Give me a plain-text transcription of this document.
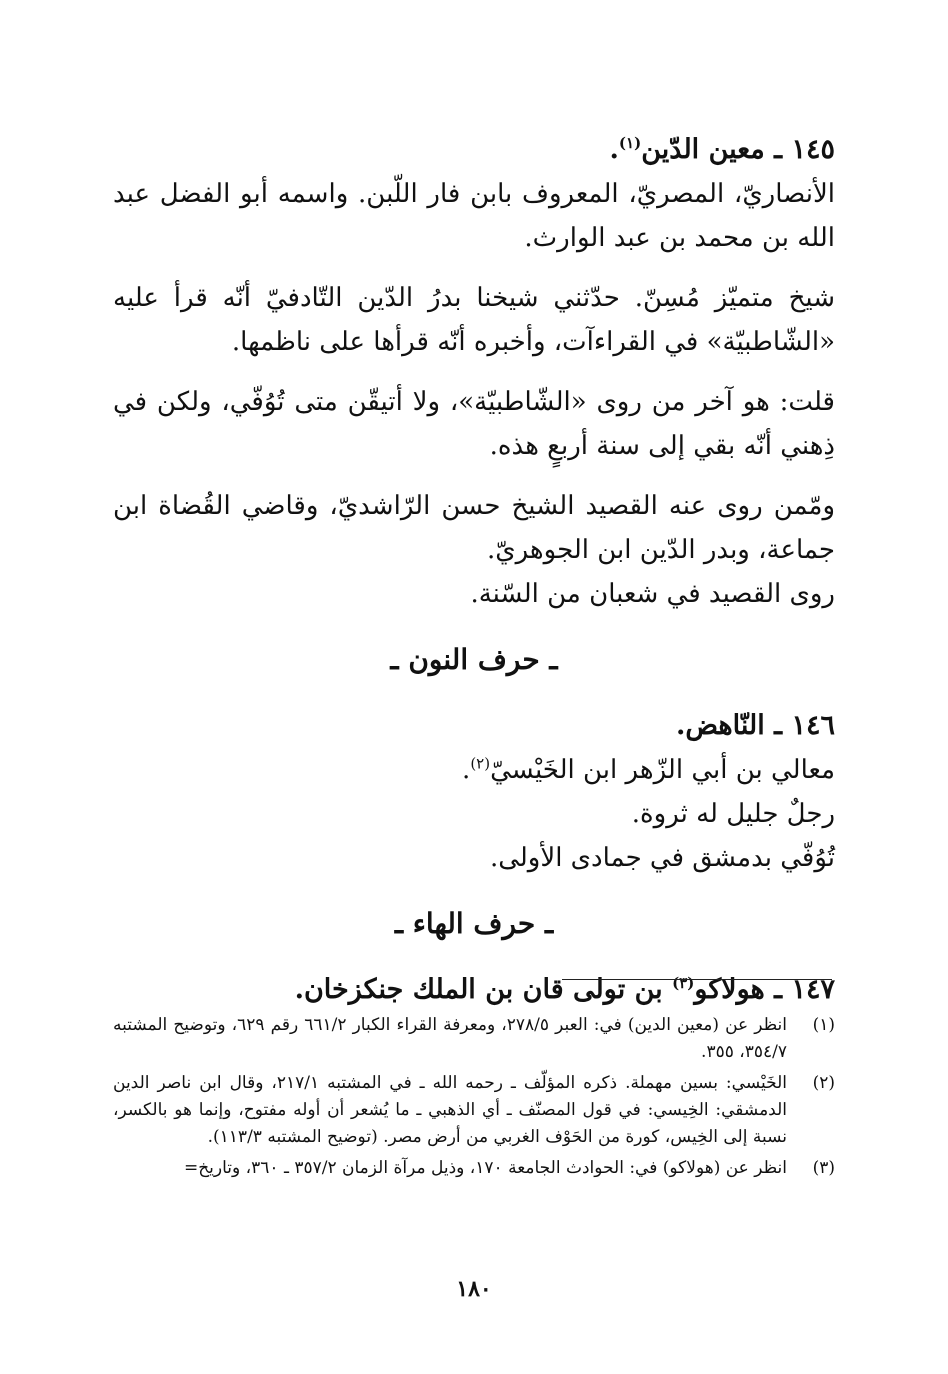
١٤٥ ـ معين الدّين$^{(١)}$.

الأنصاريّ، المصريّ، المعروف بابن فار اللّبن. واسمه أبو الفضل عبد الله بن محمد بن عبد الوارث.

شيخ متميّز مُسِنّ. حدّثني شيخنا بدرُ الدّين التّادفيّ أنّه قرأ عليه «الشّاطبيّة» في القراءآت، وأخبره أنّه قرأها على ناظمها.

قلت: هو آخر من روى «الشّاطبيّة»، ولا أتيقّن متى تُوُفّي، ولكن في ذِهني أنّه بقي إلى سنة أربعٍ هذه.

ومّمن روى عنه القصيد الشيخ حسن الرّاشديّ، وقاضي القُضاة ابن جماعة، وبدر الدّين ابن الجوهريّ.

روى القصيد في شعبان من السّنة.

ـ حرف النون ـ

١٤٦ ـ النّاهض.

معالي بن أبي الزّهر ابن الخَيْسيّ$^{(٢)}$.

رجلٌ جليل له ثروة.

تُوُفّي بدمشق في جمادى الأولى.

ـ حرف الهاء ـ

١٤٧ ـ هولاكو$^{(٣)}$ بن تولى قان بن الملك جنكزخان.

(١)
انظر عن (معين الدين) في: العبر ٢٧٨/٥، ومعرفة القراء الكبار ٦٦١/٢ رقم ٦٢٩، وتوضيح المشتبه ٣٥٤/٧، ٣٥٥.
(٢)
الخَيْسي: بسين مهملة. ذكره المؤلّف ـ رحمه الله ـ في المشتبه ٢١٧/١، وقال ابن ناصر الدين الدمشقي: الخِيسي: في قول المصنّف ـ أي الذهبي ـ ما يُشعر أن أوله مفتوح، وإنما هو بالكسر، نسبة إلى الخِيس، كورة من الحَوْف الغربي من أرض مصر. (توضيح المشتبه ١١٣/٣).
(٣)
انظر عن (هولاكو) في: الحوادث الجامعة ١٧٠، وذيل مرآة الزمان ٣٥٧/٢ ـ ٣٦٠، وتاريخ=
١٨٠
